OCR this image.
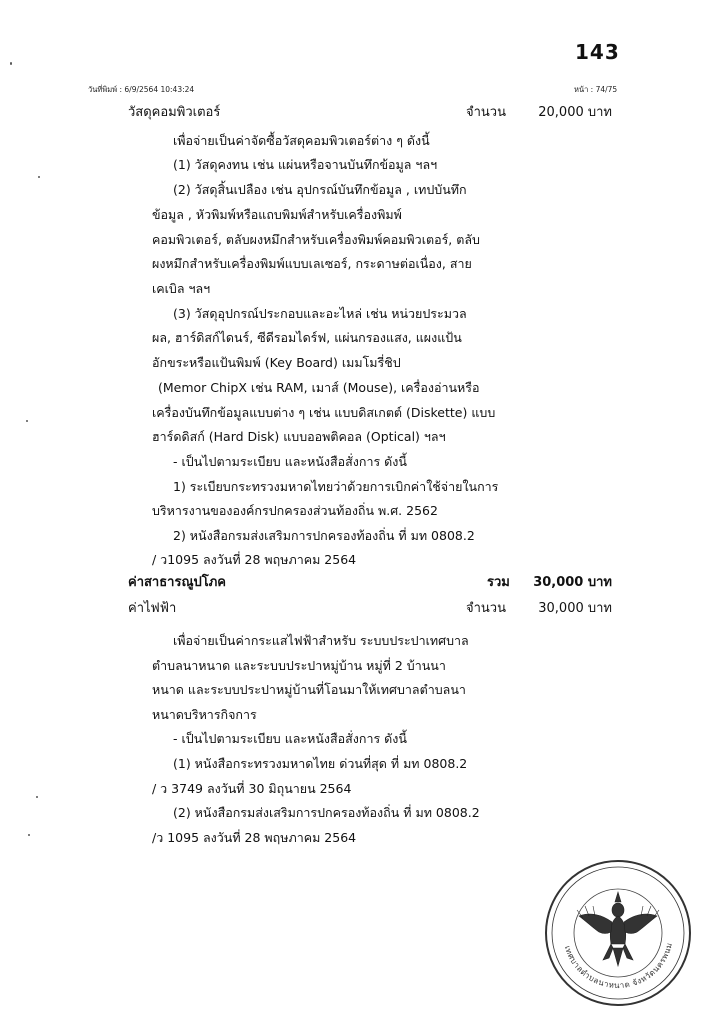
143
วันที่พิมพ์ : 6/9/2564 10:43:24	หน้า : 74/75
วัสดุคอมพิวเตอร์	จำนวน	20,000 บาท
เพื่อจ่ายเป็นค่าจัดซื้อวัสดุคอมพิวเตอร์ต่าง ๆ ดังนี้
(1) วัสดุคงทน เช่น แผ่นหรือจานบันทึกข้อมูล ฯลฯ
(2) วัสดุสิ้นเปลือง เช่น อุปกรณ์บันทึกข้อมูล , เทปบันทึก
ข้อมูล , หัวพิมพ์หรือแถบพิมพ์สำหรับเครื่องพิมพ์
คอมพิวเตอร์, ตลับผงหมึกสำหรับเครื่องพิมพ์คอมพิวเตอร์, ตลับ
ผงหมึกสำหรับเครื่องพิมพ์แบบเลเซอร์, กระดาษต่อเนื่อง, สาย
เคเบิล ฯลฯ
(3) วัสดุอุปกรณ์ประกอบและอะไหล่ เช่น หน่วยประมวล
ผล, ฮาร์ดิสก์ไดนร์, ซีดีรอมไดร์ฟ, แผ่นกรองแสง, แผงแป้น
อักขระหรือแป้นพิมพ์ (Key Board) เมมโมรี่ชิป
(Memor ChipX เช่น RAM, เมาส์ (Mouse), เครื่องอ่านหรือ
เครื่องบันทึกข้อมูลแบบต่าง ๆ เช่น แบบดิสเกตต์ (Diskette) แบบ
ฮาร์ดดิสก์ (Hard Disk) แบบออพติคอล (Optical) ฯลฯ
- เป็นไปตามระเบียบ และหนังสือสั่งการ ดังนี้
1) ระเบียบกระทรวงมหาดไทยว่าด้วยการเบิกค่าใช้จ่ายในการ
บริหารงานขององค์กรปกครองส่วนท้องถิ่น พ.ศ. 2562
2) หนังสือกรมส่งเสริมการปกครองท้องถิ่น ที่ มท 0808.2
/ ว1095 ลงวันที่ 28 พฤษภาคม 2564
ค่าสาธารณูปโภค	รวม 30,000 บาท
ค่าไฟฟ้า	จำนวน	30,000 บาท
เพื่อจ่ายเป็นค่ากระแสไฟฟ้าสำหรับ ระบบประปาเทศบาล
ตำบลนาหนาด และระบบประปาหมู่บ้าน หมู่ที่ 2 บ้านนา
หนาด และระบบประปาหมู่บ้านที่โอนมาให้เทศบาลตำบลนา
หนาดบริหารกิจการ
- เป็นไปตามระเบียบ และหนังสือสั่งการ ดังนี้
(1) หนังสือกระทรวงมหาดไทย ด่วนที่สุด ที่ มท 0808.2
/ ว 3749 ลงวันที่ 30 มิถุนายน 2564
(2) หนังสือกรมส่งเสริมการปกครองท้องถิ่น ที่ มท 0808.2
/ว 1095 ลงวันที่ 28 พฤษภาคม 2564
เทศบาลตำบลนาหนาด จังหวัดนครพนม
